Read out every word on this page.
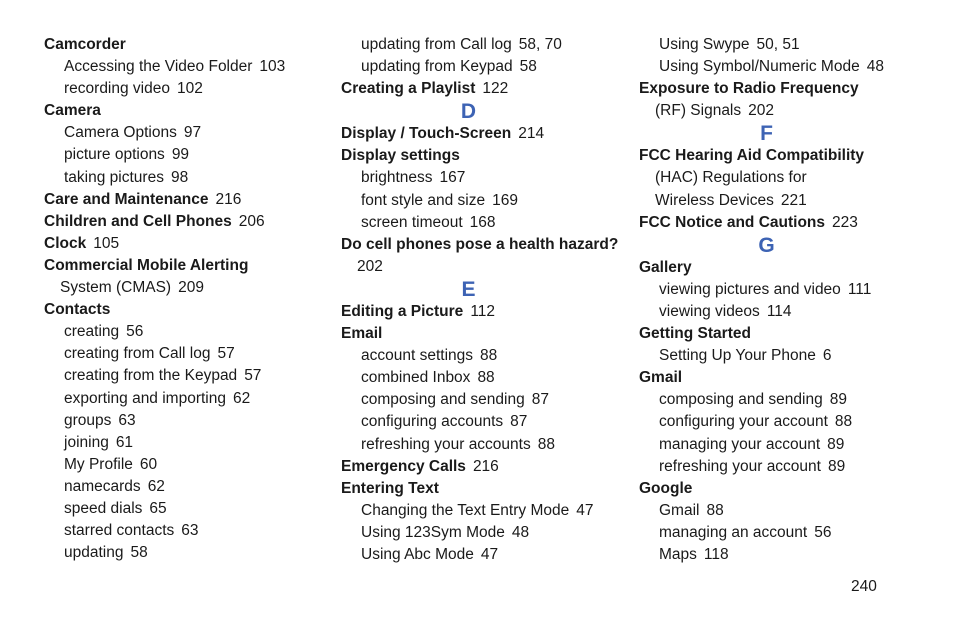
Camcorder
Accessing the Video Folder 103
recording video 102
Camera
Camera Options 97
picture options 99
taking pictures 98
Care and Maintenance 216
Children and Cell Phones 206
Clock 105
Commercial Mobile Alerting
System (CMAS) 209
Contacts
creating 56
creating from Call log 57
creating from the Keypad 57
exporting and importing 62
groups 63
joining 61
My Profile 60
namecards 62
speed dials 65
starred contacts 63
updating 58
updating from Call log 58, 70
updating from Keypad 58
Creating a Playlist 122
D
Display / Touch-Screen 214
Display settings
brightness 167
font style and size 169
screen timeout 168
Do cell phones pose a health hazard?
202
E
Editing a Picture 112
Email
account settings 88
combined Inbox 88
composing and sending 87
configuring accounts 87
refreshing your accounts 88
Emergency Calls 216
Entering Text
Changing the Text Entry Mode 47
Using 123Sym Mode 48
Using Abc Mode 47
Using Swype 50, 51
Using Symbol/Numeric Mode 48
Exposure to Radio Frequency
(RF) Signals 202
F
FCC Hearing Aid Compatibility
(HAC) Regulations for
Wireless Devices 221
FCC Notice and Cautions 223
G
Gallery
viewing pictures and video 111
viewing videos 114
Getting Started
Setting Up Your Phone 6
Gmail
composing and sending 89
configuring your account 88
managing your account 89
refreshing your account 89
Google
Gmail 88
managing an account 56
Maps 118
240
